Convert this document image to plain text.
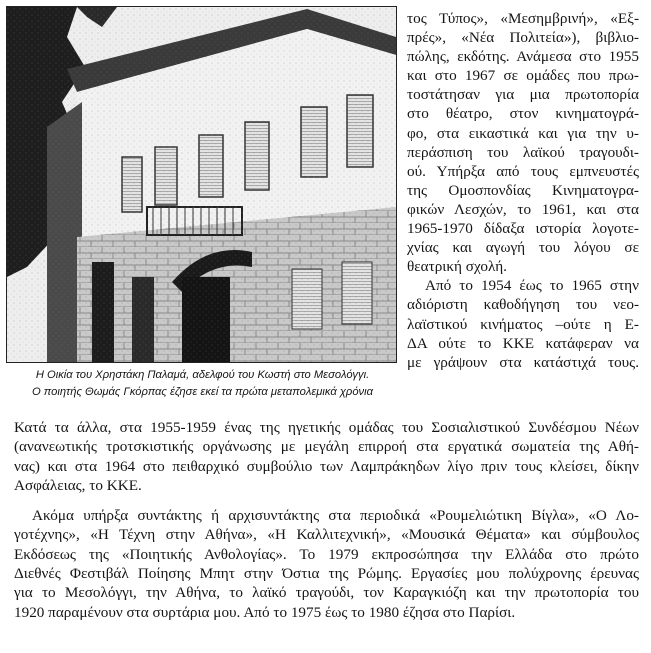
Η Οικία του Χρηστάκη Παλαμά, αδελφού του Κωστή στο Μεσολόγγι.
Ο ποιητής Θωμάς Γκόρπας έζησε εκεί τα πρώτα μεταπολεμικά χρόνια
τος Τύπος», «Μεσημβρινή», «Εξ-
πρές», «Νέα Πολιτεία»), βιβλιο-
πώλης, εκδότης. Ανάμεσα στο 1955
και στο 1967 σε ομάδες που πρω-
τοστάτησαν για μια πρωτοπορία
στο θέατρο, στον κινηματογρά-
φο, στα εικαστικά και για την υ-
περάσπιση του λαϊκού τραγουδι-
ού. Υπήρξα από τους εμπνευστές
της Ομοσπονδίας Κινηματογρα-
φικών Λεσχών, το 1961, και στα
1965-1970 δίδαξα ιστορία λογοτε-
χνίας και αγωγή του λόγου σε
θεατρική σχολή.
Από το 1954 έως το 1965 στην
αδιόριστη καθοδήγηση του νεο-
λαϊστικού κινήματος –ούτε η Ε-
ΔΑ ούτε το ΚΚΕ κατάφεραν να
με γράψουν στα κατάστιχά τους.
Κατά τα άλλα, στα 1955-1959 ένας της ηγετικής ομάδας του Σοσιαλιστικού Συνδέσμου Νέων
(ανανεωτικής τροτσκιστικής οργάνωσης με μεγάλη επιρροή στα εργατικά σωματεία της Αθή-
νας) και στα 1964 στο πειθαρχικό συμβούλιο των Λαμπράκηδων λίγο πριν τους κλείσει, δίκην
Ασφάλειας, το ΚΚΕ.
Ακόμα υπήρξα συντάκτης ή αρχισυντάκτης στα περιοδικά «Ρουμελιώτικη Βίγλα», «Ο Λο-
γοτέχνης», «Η Τέχνη στην Αθήνα», «Η Καλλιτεχνική», «Μουσικά Θέματα» και σύμβουλος
Εκδόσεως της «Ποιητικής Ανθολογίας». Το 1979 εκπροσώπησα την Ελλάδα στο πρώτο
Διεθνές Φεστιβάλ Ποίησης Μπητ στην Όστια της Ρώμης. Εργασίες μου πολύχρονης έρευνας
για το Μεσολόγγι, την Αθήνα, το λαϊκό τραγούδι, τον Καραγκιόζη και την πρωτοπορία του
1920 παραμένουν στα συρτάρια μου. Από το 1975 έως το 1980 έζησα στο Παρίσι.
